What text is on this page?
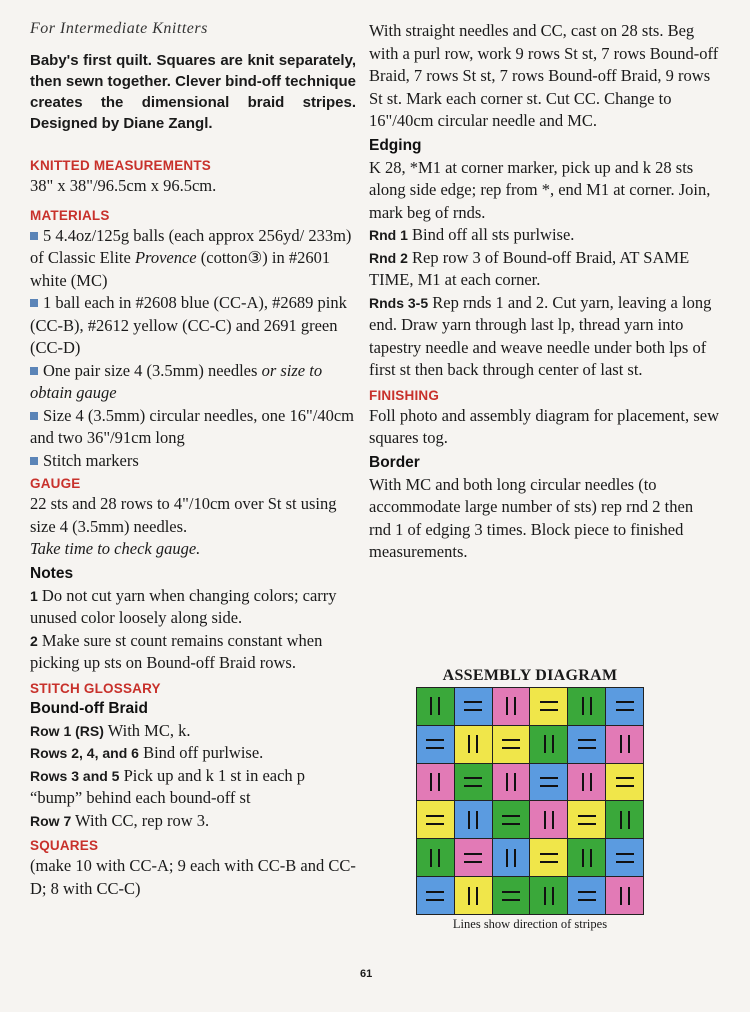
For Intermediate Knitters

Baby's first quilt. Squares are knit separately, then sewn together. Clever bind-off technique creates the dimensional braid stripes. Designed by Diane Zangl.

KNITTED MEASUREMENTS

38" x 38"/96.5cm x 96.5cm.

MATERIALS

5 4.4oz/125g balls (each approx 256yd/ 233m) of Classic Elite Provence (cotton③) in #2601 white (MC)

1 ball each in #2608 blue (CC-A), #2689 pink (CC-B), #2612 yellow (CC-C) and 2691 green (CC-D)

One pair size 4 (3.5mm) needles or size to obtain gauge

Size 4 (3.5mm) circular needles, one 16"/40cm and two 36"/91cm long

Stitch markers

GAUGE

22 sts and 28 rows to 4"/10cm over St st using size 4 (3.5mm) needles.

Take time to check gauge.

Notes

1 Do not cut yarn when changing colors; carry unused color loosely along side.

2 Make sure st count remains constant when picking up sts on Bound-off Braid rows.

STITCH GLOSSARY
Bound-off Braid

Row 1 (RS) With MC, k.

Rows 2, 4, and 6 Bind off purlwise.

Rows 3 and 5 Pick up and k 1 st in each p “bump” behind each bound-off st

Row 7 With CC, rep row 3.

SQUARES

(make 10 with CC-A; 9 each with CC-B and CC-D; 8 with CC-C)

With straight needles and CC, cast on 28 sts. Beg with a purl row, work 9 rows St st, 7 rows Bound-off Braid, 7 rows St st, 7 rows Bound-off Braid, 9 rows St st. Mark each corner st. Cut CC. Change to 16"/40cm circular needle and MC.

Edging

K 28, *M1 at corner marker, pick up and k 28 sts along side edge; rep from *, end M1 at corner. Join, mark beg of rnds.

Rnd 1 Bind off all sts purlwise.

Rnd 2 Rep row 3 of Bound-off Braid, AT SAME TIME, M1 at each corner.

Rnds 3-5 Rep rnds 1 and 2. Cut yarn, leaving a long end. Draw yarn through last lp, thread yarn into tapestry needle and weave needle under both lps of first st then back through center of last st.

FINISHING

Foll photo and assembly diagram for placement, sew squares tog.

Border

With MC and both long circular needles (to accommodate large number of sts) rep rnd 2 then rnd 1 of edging 3 times. Block piece to finished measurements.

ASSEMBLY DIAGRAM
Lines show direction of stripes
61
